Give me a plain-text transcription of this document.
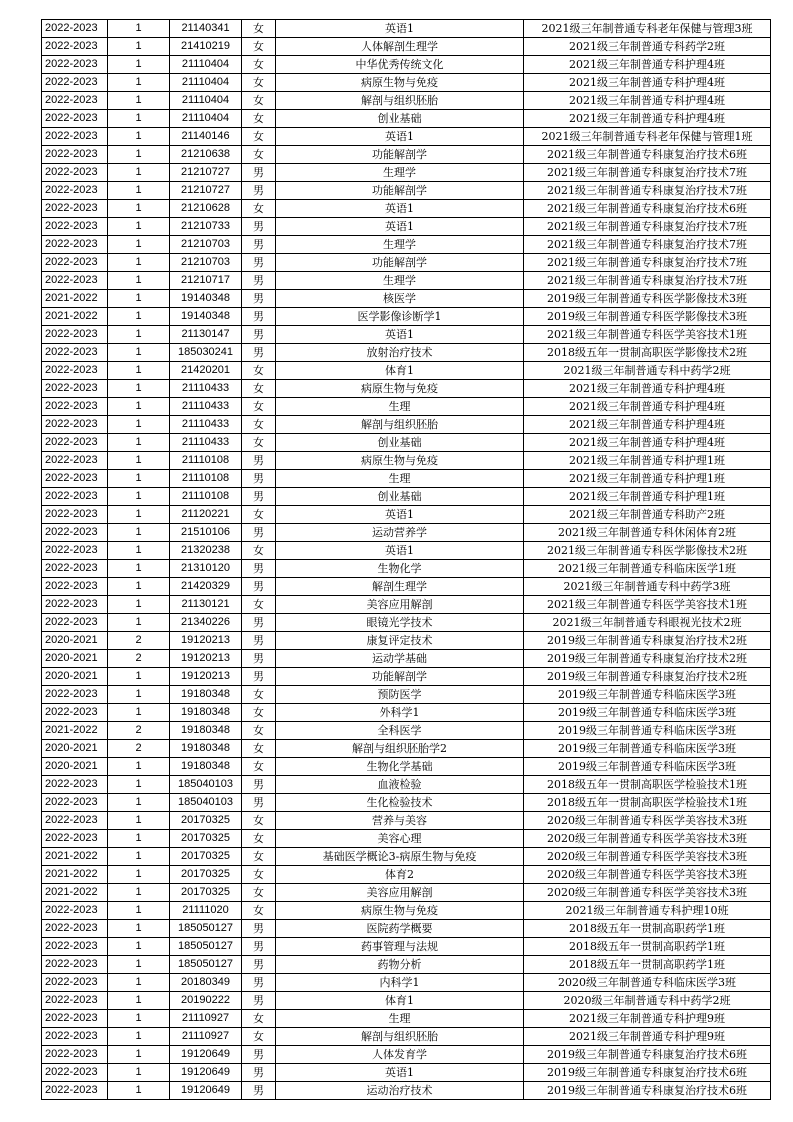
2022-2023	1	21140341	女	英语1	2021级三年制普通专科老年保健与管理3班
2022-2023	1	21410219	女	人体解剖生理学	2021级三年制普通专科药学2班
2022-2023	1	21110404	女	中华优秀传统文化	2021级三年制普通专科护理4班
2022-2023	1	21110404	女	病原生物与免疫	2021级三年制普通专科护理4班
2022-2023	1	21110404	女	解剖与组织胚胎	2021级三年制普通专科护理4班
2022-2023	1	21110404	女	创业基础	2021级三年制普通专科护理4班
2022-2023	1	21140146	女	英语1	2021级三年制普通专科老年保健与管理1班
2022-2023	1	21210638	女	功能解剖学	2021级三年制普通专科康复治疗技术6班
2022-2023	1	21210727	男	生理学	2021级三年制普通专科康复治疗技术7班
2022-2023	1	21210727	男	功能解剖学	2021级三年制普通专科康复治疗技术7班
2022-2023	1	21210628	女	英语1	2021级三年制普通专科康复治疗技术6班
2022-2023	1	21210733	男	英语1	2021级三年制普通专科康复治疗技术7班
2022-2023	1	21210703	男	生理学	2021级三年制普通专科康复治疗技术7班
2022-2023	1	21210703	男	功能解剖学	2021级三年制普通专科康复治疗技术7班
2022-2023	1	21210717	男	生理学	2021级三年制普通专科康复治疗技术7班
2021-2022	1	19140348	男	核医学	2019级三年制普通专科医学影像技术3班
2021-2022	1	19140348	男	医学影像诊断学1	2019级三年制普通专科医学影像技术3班
2022-2023	1	21130147	男	英语1	2021级三年制普通专科医学美容技术1班
2022-2023	1	185030241	男	放射治疗技术	2018级五年一贯制高职医学影像技术2班
2022-2023	1	21420201	女	体育1	2021级三年制普通专科中药学2班
2022-2023	1	21110433	女	病原生物与免疫	2021级三年制普通专科护理4班
2022-2023	1	21110433	女	生理	2021级三年制普通专科护理4班
2022-2023	1	21110433	女	解剖与组织胚胎	2021级三年制普通专科护理4班
2022-2023	1	21110433	女	创业基础	2021级三年制普通专科护理4班
2022-2023	1	21110108	男	病原生物与免疫	2021级三年制普通专科护理1班
2022-2023	1	21110108	男	生理	2021级三年制普通专科护理1班
2022-2023	1	21110108	男	创业基础	2021级三年制普通专科护理1班
2022-2023	1	21120221	女	英语1	2021级三年制普通专科助产2班
2022-2023	1	21510106	男	运动营养学	2021级三年制普通专科休闲体育2班
2022-2023	1	21320238	女	英语1	2021级三年制普通专科医学影像技术2班
2022-2023	1	21310120	男	生物化学	2021级三年制普通专科临床医学1班
2022-2023	1	21420329	男	解剖生理学	2021级三年制普通专科中药学3班
2022-2023	1	21130121	女	美容应用解剖	2021级三年制普通专科医学美容技术1班
2022-2023	1	21340226	男	眼镜光学技术	2021级三年制普通专科眼视光技术2班
2020-2021	2	19120213	男	康复评定技术	2019级三年制普通专科康复治疗技术2班
2020-2021	2	19120213	男	运动学基础	2019级三年制普通专科康复治疗技术2班
2020-2021	1	19120213	男	功能解剖学	2019级三年制普通专科康复治疗技术2班
2022-2023	1	19180348	女	预防医学	2019级三年制普通专科临床医学3班
2022-2023	1	19180348	女	外科学1	2019级三年制普通专科临床医学3班
2021-2022	2	19180348	女	全科医学	2019级三年制普通专科临床医学3班
2020-2021	2	19180348	女	解剖与组织胚胎学2	2019级三年制普通专科临床医学3班
2020-2021	1	19180348	女	生物化学基础	2019级三年制普通专科临床医学3班
2022-2023	1	185040103	男	血液检验	2018级五年一贯制高职医学检验技术1班
2022-2023	1	185040103	男	生化检验技术	2018级五年一贯制高职医学检验技术1班
2022-2023	1	20170325	女	营养与美容	2020级三年制普通专科医学美容技术3班
2022-2023	1	20170325	女	美容心理	2020级三年制普通专科医学美容技术3班
2021-2022	1	20170325	女	基础医学概论3-病原生物与免疫	2020级三年制普通专科医学美容技术3班
2021-2022	1	20170325	女	体育2	2020级三年制普通专科医学美容技术3班
2021-2022	1	20170325	女	美容应用解剖	2020级三年制普通专科医学美容技术3班
2022-2023	1	21111020	女	病原生物与免疫	2021级三年制普通专科护理10班
2022-2023	1	185050127	男	医院药学概要	2018级五年一贯制高职药学1班
2022-2023	1	185050127	男	药事管理与法规	2018级五年一贯制高职药学1班
2022-2023	1	185050127	男	药物分析	2018级五年一贯制高职药学1班
2022-2023	1	20180349	男	内科学1	2020级三年制普通专科临床医学3班
2022-2023	1	20190222	男	体育1	2020级三年制普通专科中药学2班
2022-2023	1	21110927	女	生理	2021级三年制普通专科护理9班
2022-2023	1	21110927	女	解剖与组织胚胎	2021级三年制普通专科护理9班
2022-2023	1	19120649	男	人体发育学	2019级三年制普通专科康复治疗技术6班
2022-2023	1	19120649	男	英语1	2019级三年制普通专科康复治疗技术6班
2022-2023	1	19120649	男	运动治疗技术	2019级三年制普通专科康复治疗技术6班
